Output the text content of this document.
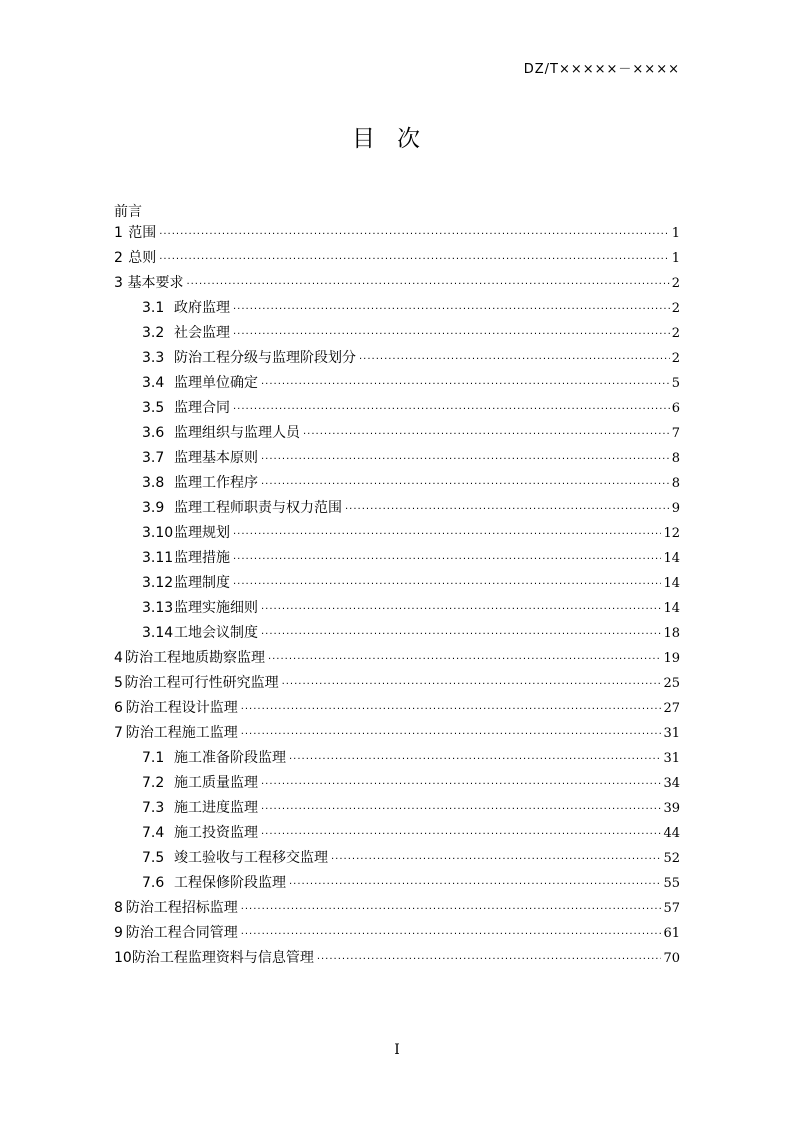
DZ/T×××××－××××
目次
前言
1 范围 ·····	1
2 总则 ·····	1
3 基本要求 ·····	2
3.1 政府监理 ·····	2
3.2 社会监理 ·····	2
3.3 防治工程分级与监理阶段划分 ·····	2
3.4 监理单位确定 ·····	5
3.5 监理合同 ·····	6
3.6 监理组织与监理人员 ·····	7
3.7 监理基本原则 ·····	8
3.8 监理工作程序 ·····	8
3.9 监理工程师职责与权力范围 ·····	9
3.10 监理规划 ·····	12
3.11 监理措施 ·····	14
3.12 监理制度 ·····	14
3.13 监理实施细则 ·····	14
3.14 工地会议制度 ·····	18
4 防治工程地质勘察监理 ·····	19
5 防治工程可行性研究监理 ·····	25
6 防治工程设计监理 ·····	27
7 防治工程施工监理 ·····	31
7.1 施工准备阶段监理 ·····	31
7.2 施工质量监理 ·····	34
7.3 施工进度监理 ·····	39
7.4 施工投资监理 ·····	44
7.5 竣工验收与工程移交监理 ·····	52
7.6 工程保修阶段监理 ·····	55
8 防治工程招标监理 ·····	57
9 防治工程合同管理 ·····	61
10 防治工程监理资料与信息管理 ·····	70
I
